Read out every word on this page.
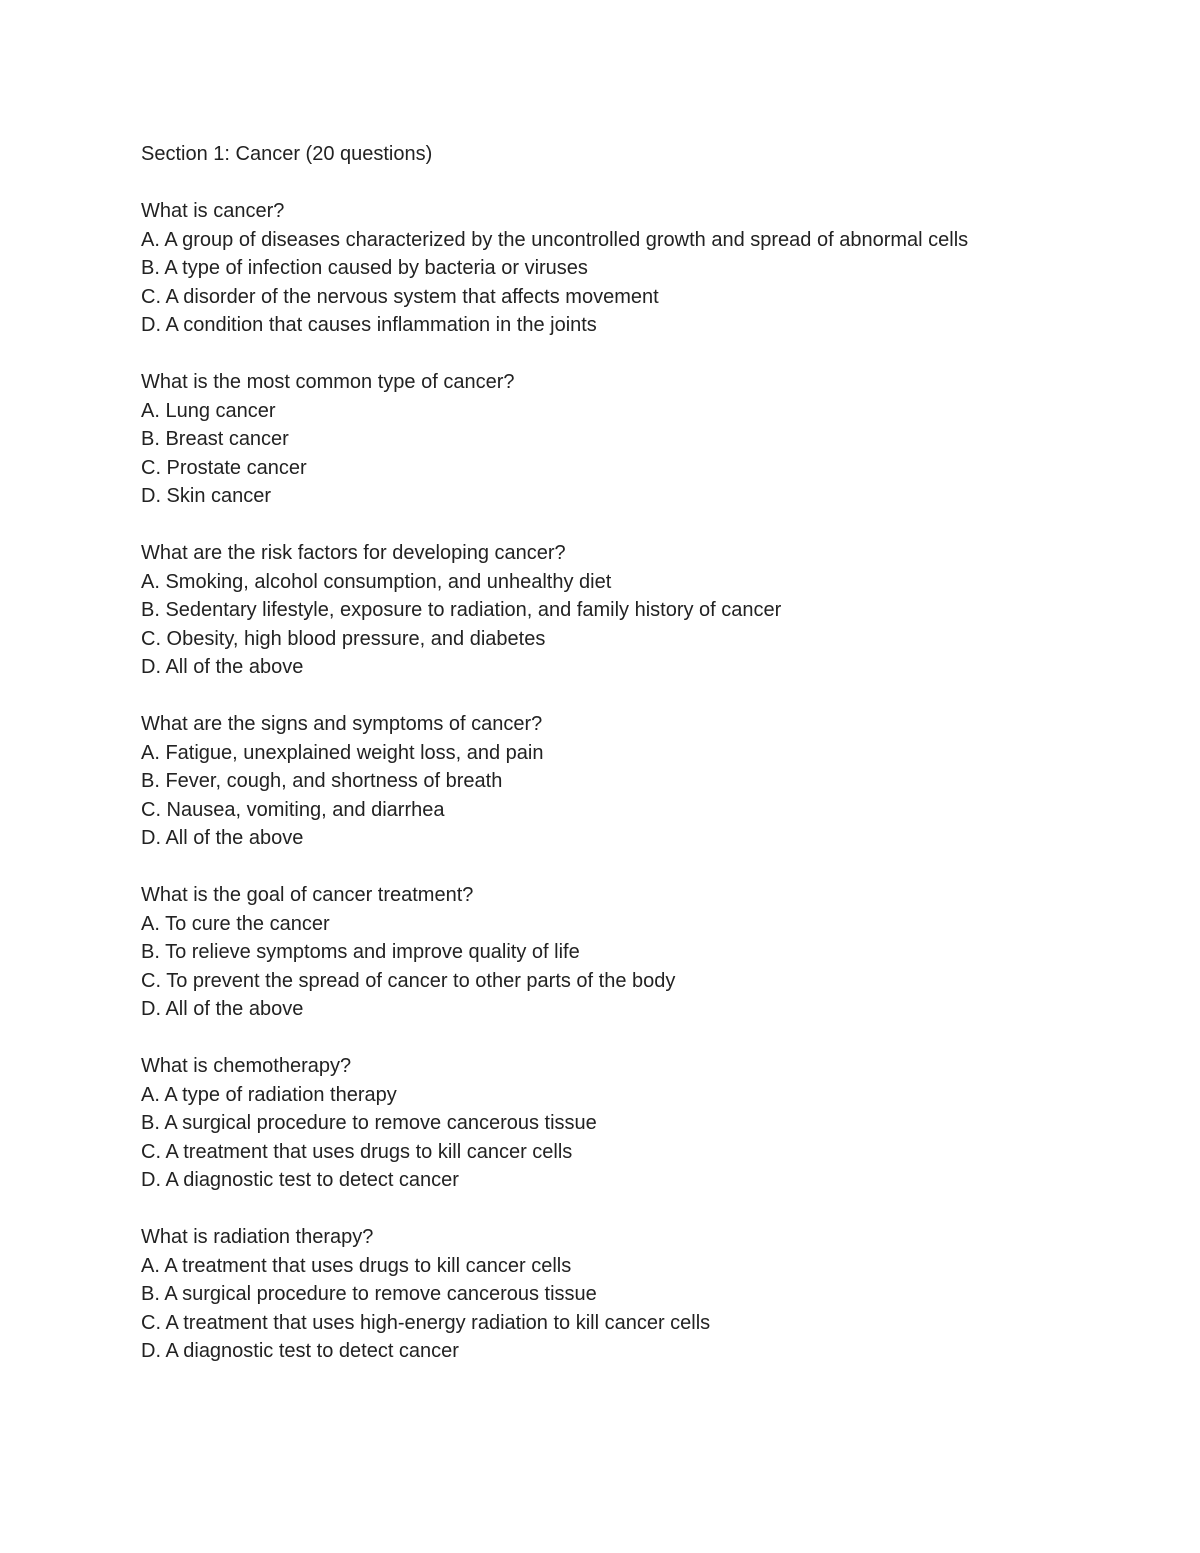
Section 1: Cancer (20 questions)
What is cancer?
A. A group of diseases characterized by the uncontrolled growth and spread of abnormal cells
B. A type of infection caused by bacteria or viruses
C. A disorder of the nervous system that affects movement
D. A condition that causes inflammation in the joints
What is the most common type of cancer?
A. Lung cancer
B. Breast cancer
C. Prostate cancer
D. Skin cancer
What are the risk factors for developing cancer?
A. Smoking, alcohol consumption, and unhealthy diet
B. Sedentary lifestyle, exposure to radiation, and family history of cancer
C. Obesity, high blood pressure, and diabetes
D. All of the above
What are the signs and symptoms of cancer?
A. Fatigue, unexplained weight loss, and pain
B. Fever, cough, and shortness of breath
C. Nausea, vomiting, and diarrhea
D. All of the above
What is the goal of cancer treatment?
A. To cure the cancer
B. To relieve symptoms and improve quality of life
C. To prevent the spread of cancer to other parts of the body
D. All of the above
What is chemotherapy?
A. A type of radiation therapy
B. A surgical procedure to remove cancerous tissue
C. A treatment that uses drugs to kill cancer cells
D. A diagnostic test to detect cancer
What is radiation therapy?
A. A treatment that uses drugs to kill cancer cells
B. A surgical procedure to remove cancerous tissue
C. A treatment that uses high-energy radiation to kill cancer cells
D. A diagnostic test to detect cancer
